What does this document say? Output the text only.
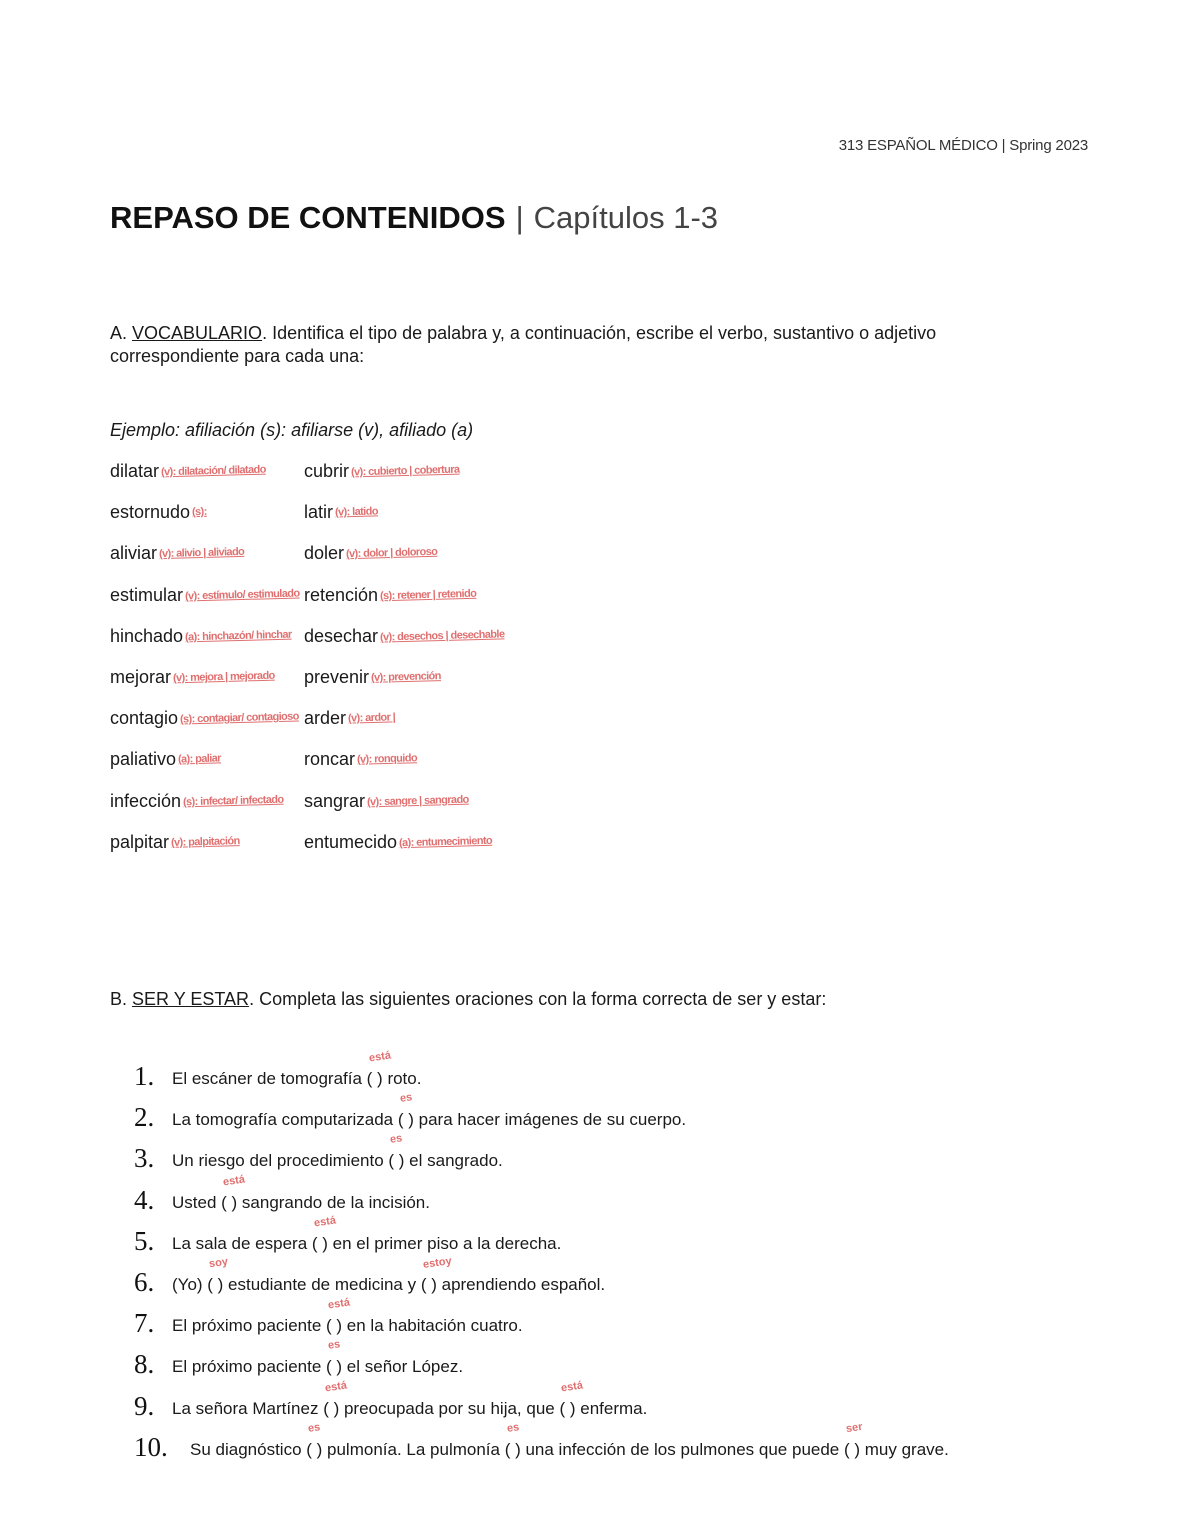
313 ESPAÑOL MÉDICO | Spring 2023
REPASO DE CONTENIDOS | Capítulos 1-3
A. VOCABULARIO. Identifica el tipo de palabra y, a continuación, escribe el verbo, sustantivo o adjetivo
correspondiente para cada una:
Ejemplo: afiliación (s): afiliarse (v), afiliado (a)
dilatar (v): dilatación/ dilatado
estornudo (s):
aliviar (v): alivio | aliviado
estimular (v): estímulo/ estimulado
hinchado (a): hinchazón/ hinchar
mejorar (v): mejora | mejorado
contagio (s): contagiar/ contagioso
paliativo (a): paliar
infección (s): infectar/ infectado
palpitar (v): palpitación
cubrir (v): cubierto | cobertura
latir (v): latido
doler (v): dolor | doloroso
retención (s): retener | retenido
desechar (v): desechos | desechable
prevenir (v): prevención
arder (v): ardor |
roncar (v): ronquido
sangrar (v): sangre | sangrado
entumecido (a): entumecimiento
B. SER Y ESTAR. Completa las siguientes oraciones con la forma correcta de ser y estar:
1. El escáner de tomografía ( )
está
roto.
2. La tomografía computarizada ( )
es
para hacer imágenes de su cuerpo.
3. Un riesgo del procedimiento ( )
es
el sangrado.
4. Usted ( )
está
sangrando de la incisión.
5. La sala de espera ( )
está
en el primer piso a la derecha.
6. (Yo) ( )
soy
estudiante de medicina y ( )
estoy
aprendiendo español.
7. El próximo paciente ( )
está
en la habitación cuatro.
8. El próximo paciente ( )
es
el señor López.
9. La señora Martínez ( )
está
preocupada por su hija, que ( )
está
enferma.
10. Su diagnóstico ( )
es
pulmonía. La pulmonía ( )
es
una infección de los pulmones que puede ( )
ser
muy grave.
